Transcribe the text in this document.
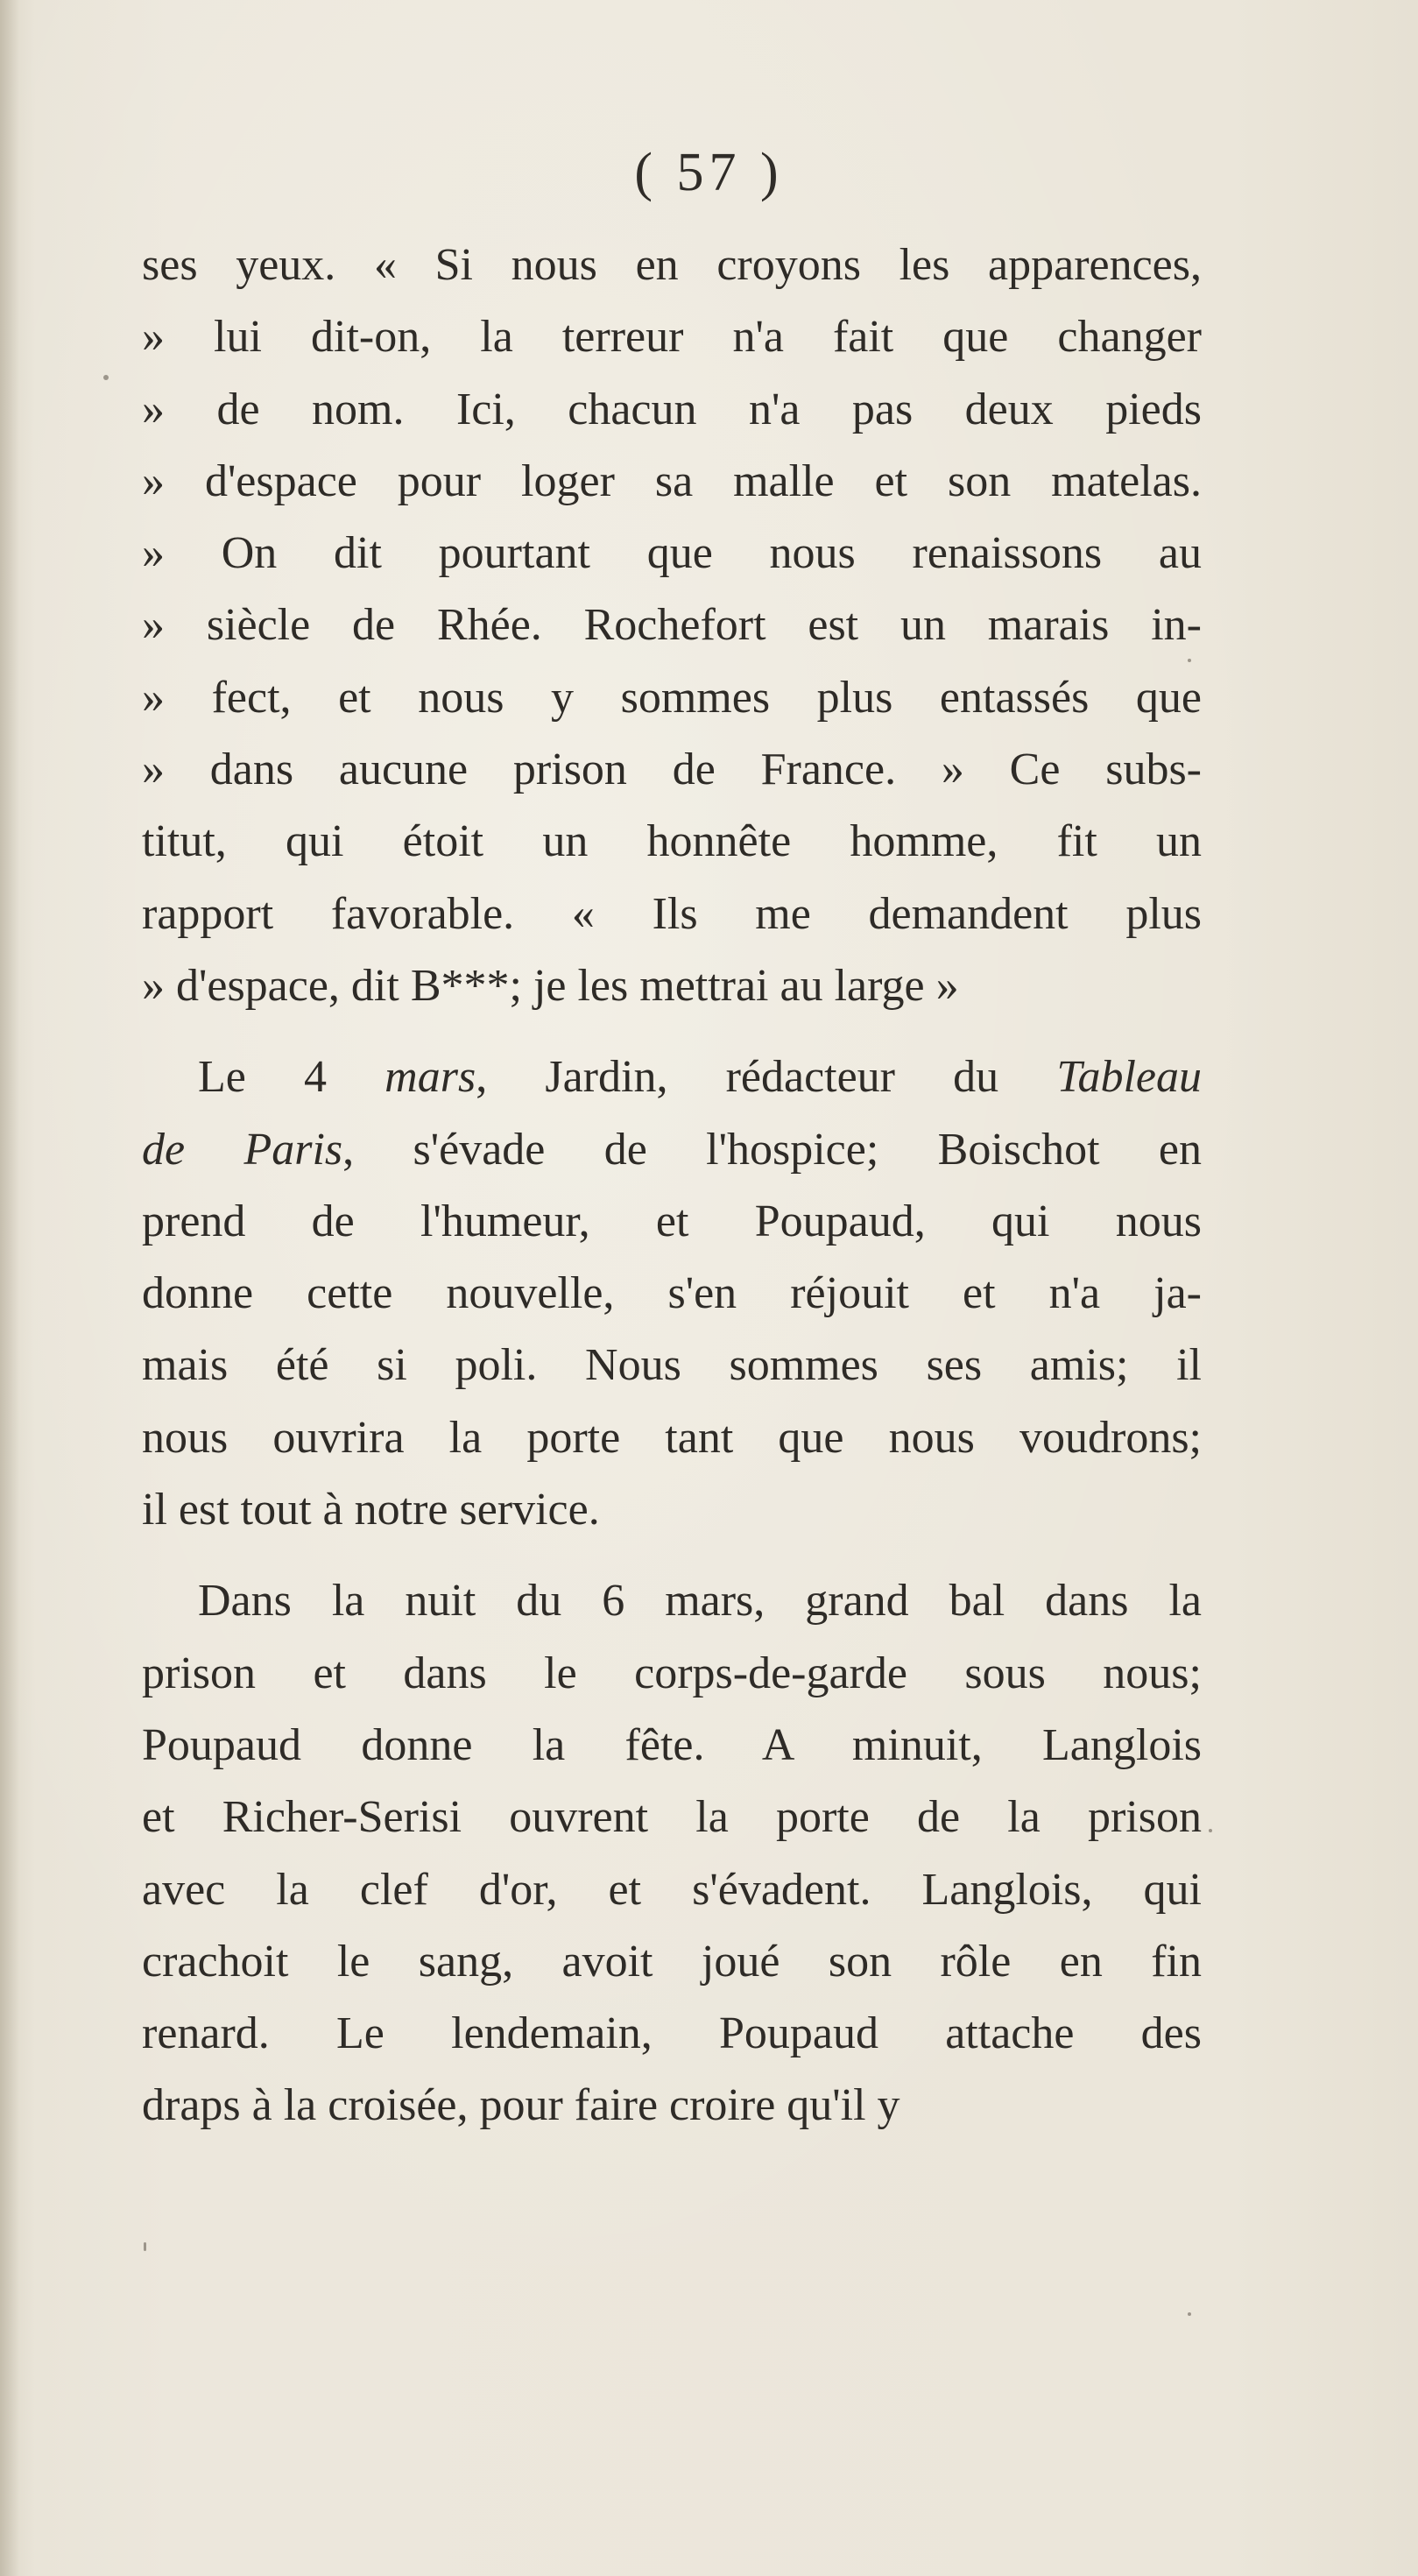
( 57 )

ses yeux. « Si nous en croyons les apparences,
» lui dit-on, la terreur n'a fait que changer
» de nom. Ici, chacun n'a pas deux pieds
» d'espace pour loger sa malle et son matelas.
» On dit pourtant que nous renaissons au
» siècle de Rhée. Rochefort est un marais in-
» fect, et nous y sommes plus entassés que
» dans aucune prison de France. » Ce subs-
titut, qui étoit un honnête homme, fit un
rapport favorable. « Ils me demandent plus
» d'espace, dit B***; je les mettrai au large »
Le 4 mars, Jardin, rédacteur du Tableau
de Paris, s'évade de l'hospice; Boischot en
prend de l'humeur, et Poupaud, qui nous
donne cette nouvelle, s'en réjouit et n'a ja-
mais été si poli. Nous sommes ses amis; il
nous ouvrira la porte tant que nous voudrons;
il est tout à notre service.
Dans la nuit du 6 mars, grand bal dans la
prison et dans le corps-de-garde sous nous;
Poupaud donne la fête. A minuit, Langlois
et Richer-Serisi ouvrent la porte de la prison
avec la clef d'or, et s'évadent. Langlois, qui
crachoit le sang, avoit joué son rôle en fin
renard. Le lendemain, Poupaud attache des
draps à la croisée, pour faire croire qu'il y
